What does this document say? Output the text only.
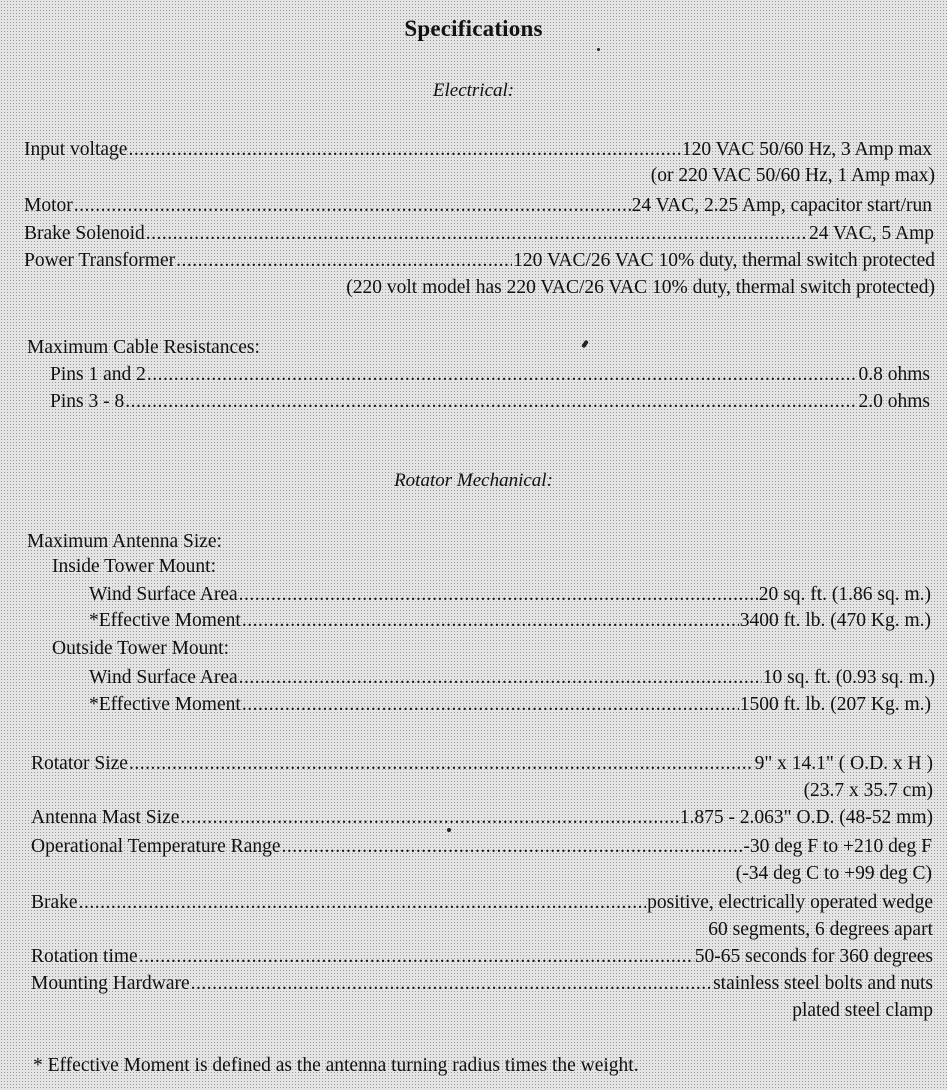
Specifications
Electrical:
Input voltage .....	120 VAC 50/60 Hz, 3 Amp max
(or 220 VAC 50/60 Hz, 1 Amp max)
Motor .....	24 VAC, 2.25 Amp, capacitor start/run
Brake Solenoid .....	24 VAC, 5 Amp
Power Transformer .....	120 VAC/26 VAC 10% duty, thermal switch protected
(220 volt model has 220 VAC/26 VAC 10% duty, thermal switch protected)
Maximum Cable Resistances:
Pins 1 and 2 .....	0.8 ohms
Pins 3 - 8 .....	2.0 ohms
Rotator Mechanical:
Maximum Antenna Size:
Inside Tower Mount:
Wind Surface Area .....	20 sq. ft. (1.86 sq. m.)
*Effective Moment .....	3400 ft. lb. (470 Kg. m.)
Outside Tower Mount:
Wind Surface Area .....	10 sq. ft. (0.93 sq. m.)
*Effective Moment .....	1500 ft. lb. (207 Kg. m.)
Rotator Size .....	9" x 14.1" ( O.D. x H )
(23.7 x 35.7 cm)
Antenna Mast Size .....	1.875 - 2.063" O.D. (48-52 mm)
Operational Temperature Range .....	-30 deg F to +210 deg F
(-34 deg C to +99 deg C)
Brake .....	positive, electrically operated wedge
60 segments, 6 degrees apart
Rotation time .....	50-65 seconds for 360 degrees
Mounting Hardware .....	stainless steel bolts and nuts
plated steel clamp
* Effective Moment is defined as the antenna turning radius times the weight.
